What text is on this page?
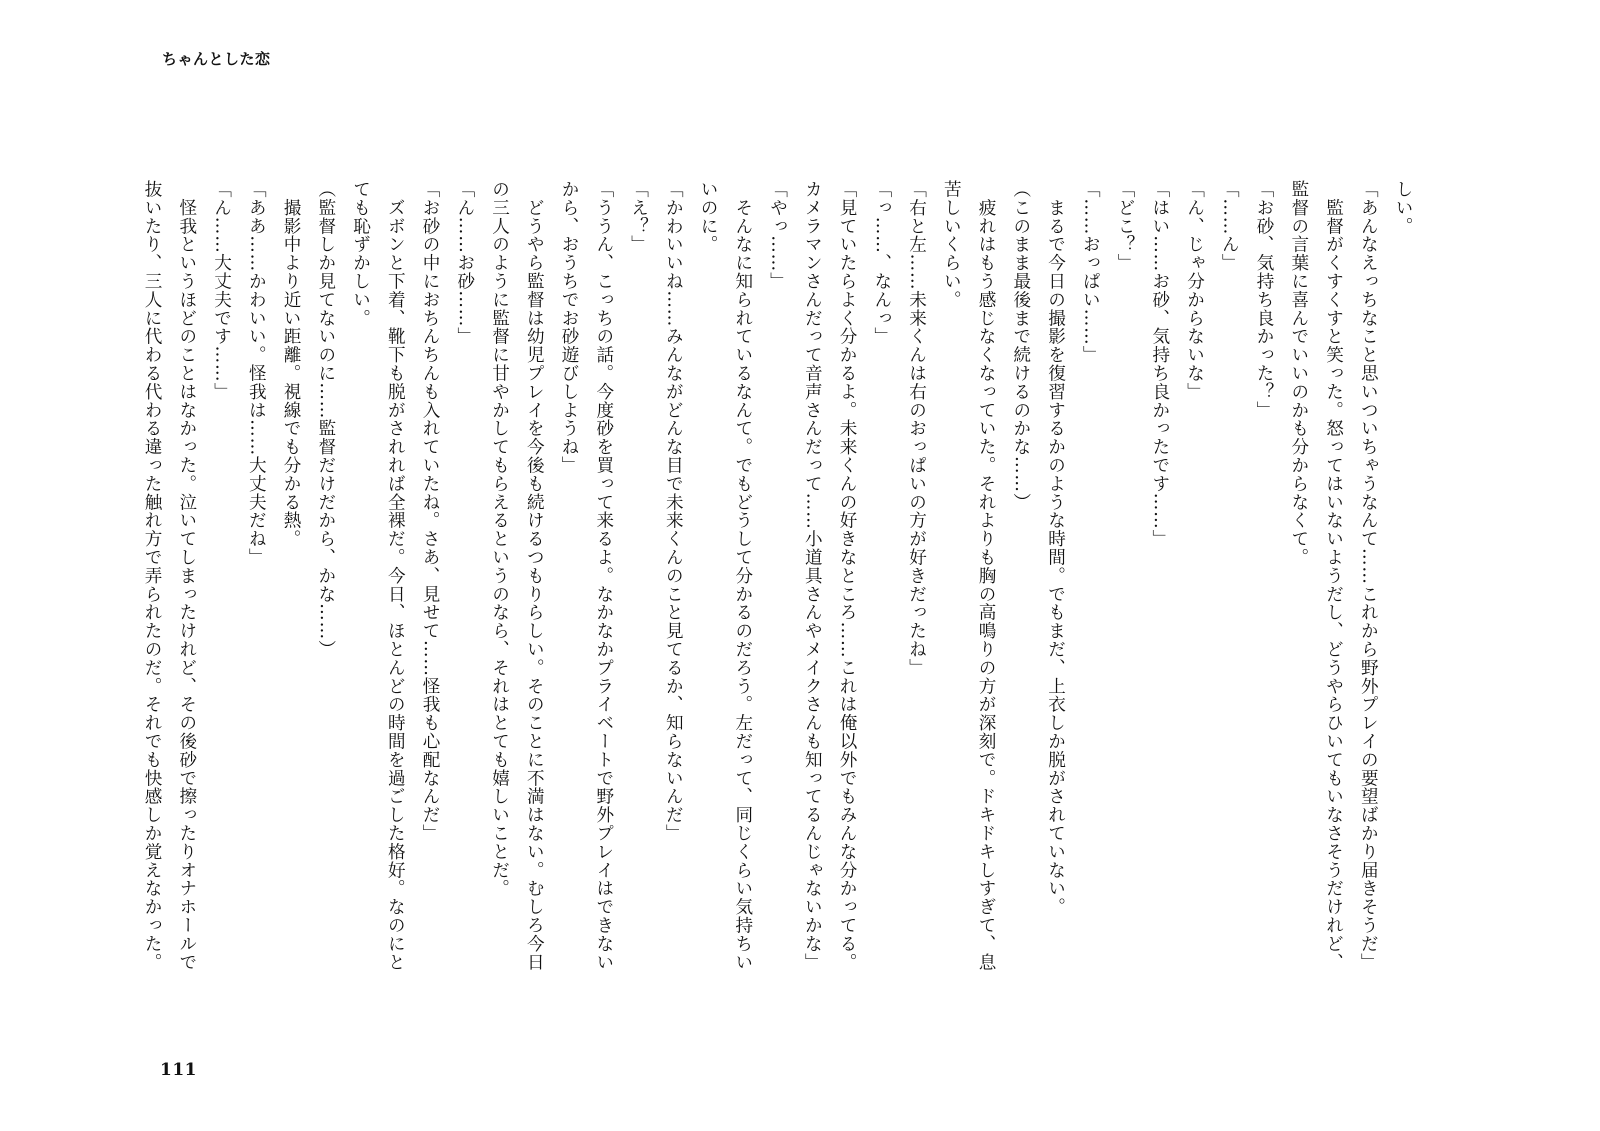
ちゃんとした恋

しい。

「あんなえっちなこと思いついちゃうなんて……これから野外プレイの要望ばかり届きそうだ」

　監督がくすくすと笑った。怒ってはいないようだし、どうやらひいてもいなさそうだけれど、監督の言葉に喜んでいいのかも分からなくて。

「お砂、気持ち良かった？」

「……ん」

「ん、じゃ分からないな」

「はい……お砂、気持ち良かったです……」

「どこ？」

「……おっぱい……」

　まるで今日の撮影を復習するかのような時間。でもまだ、上衣しか脱がされていない。

（このまま最後まで続けるのかな……）

　疲れはもう感じなくなっていた。それよりも胸の高鳴りの方が深刻で。ドキドキしすぎて、息苦しいくらい。

「右と左……未来くんは右のおっぱいの方が好きだったね」

「っ……、なんっ」

「見ていたらよく分かるよ。未来くんの好きなところ……これは俺以外でもみんな分かってる。カメラマンさんだって音声さんだって……小道具さんやメイクさんも知ってるんじゃないかな」

「やっ……」

　そんなに知られているなんて。でもどうして分かるのだろう。左だって、同じくらい気持ちいいのに。

「かわいいね……みんながどんな目で未来くんのこと見てるか、知らないんだ」

「え？」

「ううん、こっちの話。今度砂を買って来るよ。なかなかプライベートで野外プレイはできないから、おうちでお砂遊びしようね」

　どうやら監督は幼児プレイを今後も続けるつもりらしい。そのことに不満はない。むしろ今日の三人のように監督に甘やかしてもらえるというのなら、それはとても嬉しいことだ。

「ん……お砂……」

「お砂の中におちんちんも入れていたね。さあ、見せて……怪我も心配なんだ」

　ズボンと下着、靴下も脱がされれば全裸だ。今日、ほとんどの時間を過ごした格好。なのにとても恥ずかしい。

（監督しか見てないのに……監督だけだから、かな……）

　撮影中より近い距離。視線でも分かる熱。

「ああ……かわいい。怪我は……大丈夫だね」

「ん……大丈夫です……」

　怪我というほどのことはなかった。泣いてしまったけれど、その後砂で擦ったりオナホールで抜いたり、三人に代わる代わる違った触れ方で弄られたのだ。それでも快感しか覚えなかった。

111
